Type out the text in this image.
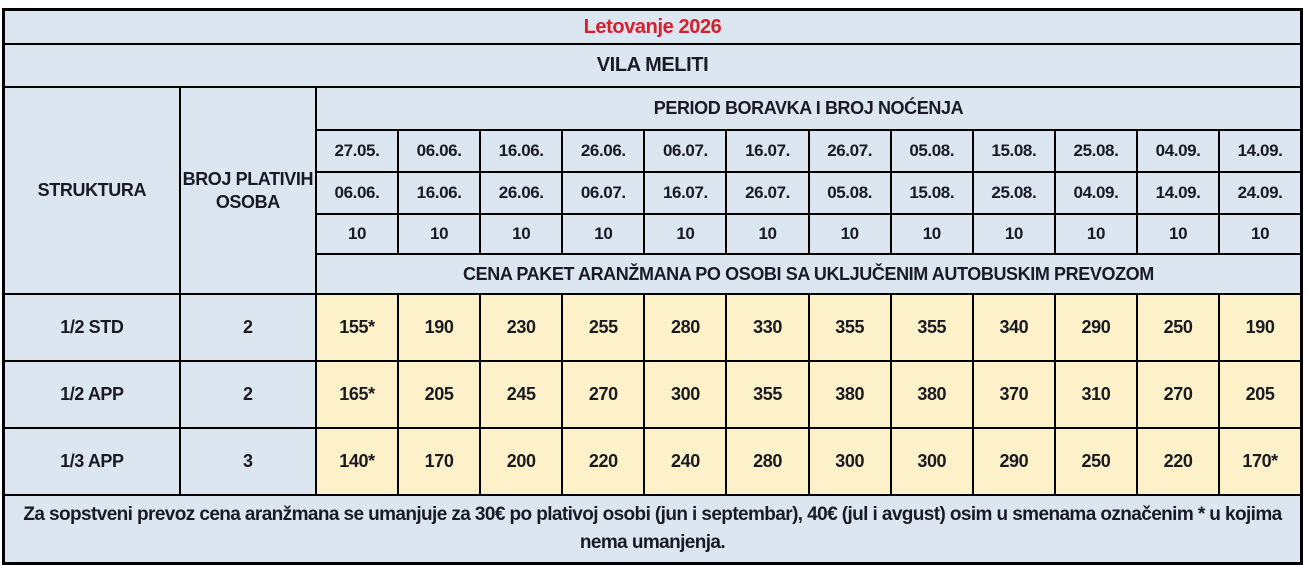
Letovanje 2026													
VILA MELITI													
STRUKTURA	BROJ PLATIVIH OSOBA	PERIOD BORAVKA I BROJ NOĆENJA											
		27.05.	06.06.	16.06.	26.06.	06.07.	16.07.	26.07.	05.08.	15.08.	25.08.	04.09.	14.09.
		06.06.	16.06.	26.06.	06.07.	16.07.	26.07.	05.08.	15.08.	25.08.	04.09.	14.09.	24.09.
		10	10	10	10	10	10	10	10	10	10	10	10
		CENA PAKET ARANŽMANA PO OSOBI SA UKLJUČENIM AUTOBUSKIM PREVOZOM											
1/2 STD	2	155*	190	230	255	280	330	355	355	340	290	250	190
1/2 APP	2	165*	205	245	270	300	355	380	380	370	310	270	205
1/3 APP	3	140*	170	200	220	240	280	300	300	290	250	220	170*
Za sopstveni prevoz cena aranžmana se umanjuje za 30€ po plativoj osobi (jun i septembar), 40€ (jul i avgust) osim u smenama označenim * u kojima nema umanjenja.													
